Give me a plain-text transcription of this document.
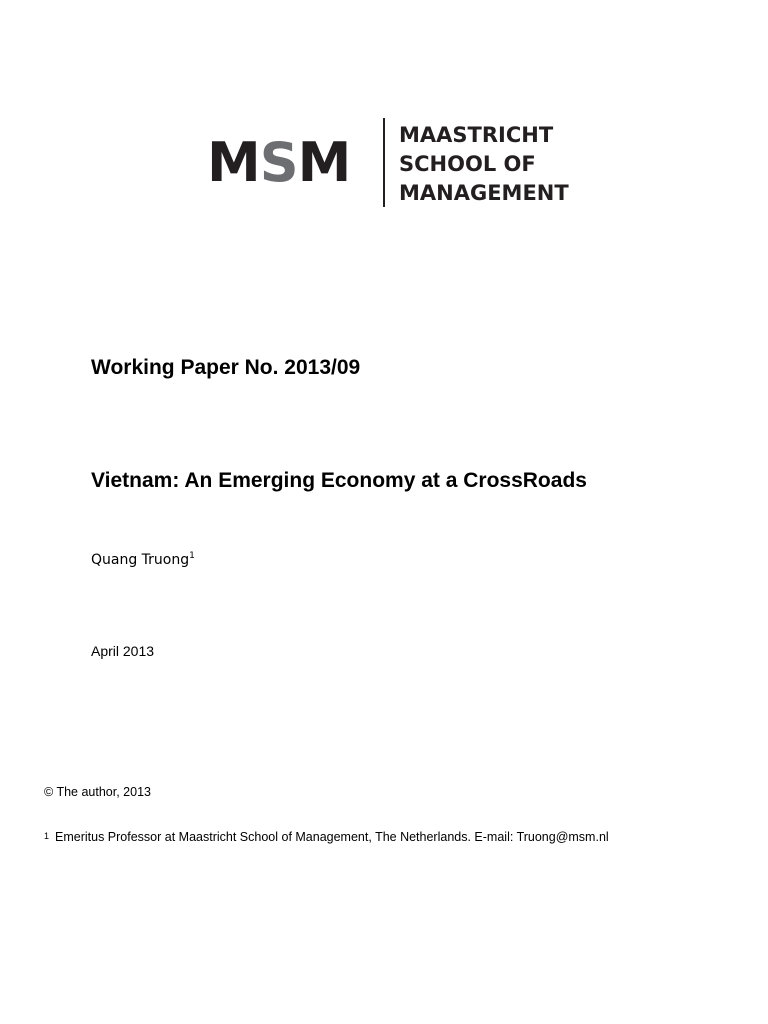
MSM MAASTRICHT
SCHOOL OF
MANAGEMENT
Working Paper No. 2013/09
Vietnam: An Emerging Economy at a CrossRoads
Quang Truong$^1$
April 2013
© The author, 2013
1 Emeritus Professor at Maastricht School of Management, The Netherlands. E-mail: Truong@msm.nl
